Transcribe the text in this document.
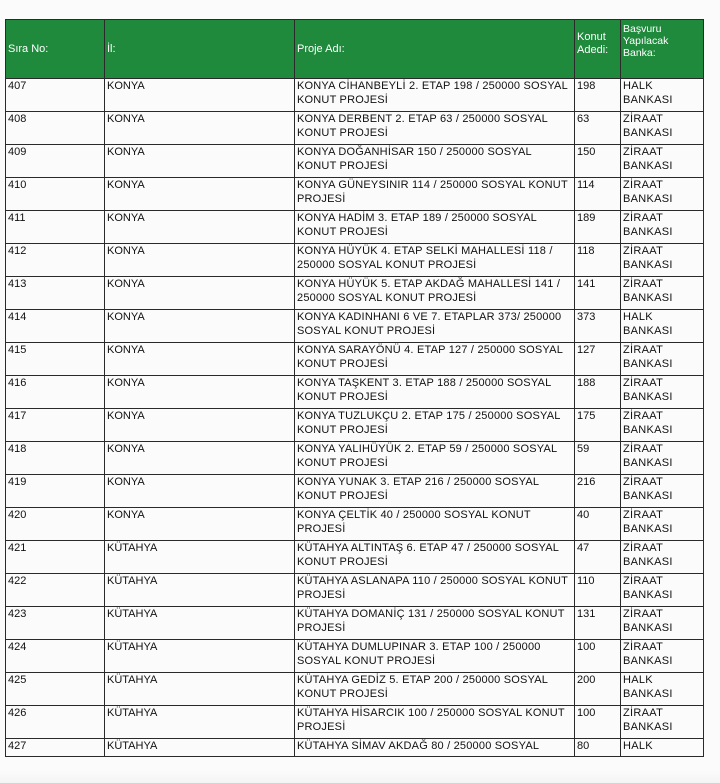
Sıra No:	İl:	Proje Adı:	Konut Adedi:	Başvuru Yapılacak Banka:
407	KONYA	KONYA CİHANBEYLİ 2. ETAP 198 / 250000 SOSYAL KONUT PROJESİ	198	HALK BANKASI
408	KONYA	KONYA DERBENT 2. ETAP 63 / 250000 SOSYAL KONUT PROJESİ	63	ZİRAAT BANKASI
409	KONYA	KONYA DOĞANHİSAR 150 / 250000 SOSYAL KONUT PROJESİ	150	ZİRAAT BANKASI
410	KONYA	KONYA GÜNEYSINIR 114 / 250000 SOSYAL KONUT PROJESİ	114	ZİRAAT BANKASI
411	KONYA	KONYA HADİM 3. ETAP 189 / 250000 SOSYAL KONUT PROJESİ	189	ZİRAAT BANKASI
412	KONYA	KONYA HÜYÜK 4. ETAP SELKİ MAHALLESİ 118 / 250000 SOSYAL KONUT PROJESİ	118	ZİRAAT BANKASI
413	KONYA	KONYA HÜYÜK 5. ETAP AKDAĞ MAHALLESİ 141 / 250000 SOSYAL KONUT PROJESİ	141	ZİRAAT BANKASI
414	KONYA	KONYA KADINHANI 6 VE 7. ETAPLAR 373/ 250000 SOSYAL KONUT PROJESİ	373	HALK BANKASI
415	KONYA	KONYA SARAYÖNÜ 4. ETAP 127 / 250000 SOSYAL KONUT PROJESİ	127	ZİRAAT BANKASI
416	KONYA	KONYA TAŞKENT 3. ETAP 188 / 250000 SOSYAL KONUT PROJESİ	188	ZİRAAT BANKASI
417	KONYA	KONYA TUZLUKÇU 2. ETAP 175 / 250000 SOSYAL KONUT PROJESİ	175	ZİRAAT BANKASI
418	KONYA	KONYA YALIHÜYÜK 2. ETAP 59 / 250000 SOSYAL KONUT PROJESİ	59	ZİRAAT BANKASI
419	KONYA	KONYA YUNAK 3. ETAP 216 / 250000 SOSYAL KONUT PROJESİ	216	ZİRAAT BANKASI
420	KONYA	KONYA ÇELTİK 40 / 250000 SOSYAL KONUT PROJESİ	40	ZİRAAT BANKASI
421	KÜTAHYA	KÜTAHYA ALTINTAŞ 6. ETAP 47 / 250000 SOSYAL KONUT PROJESİ	47	ZİRAAT BANKASI
422	KÜTAHYA	KÜTAHYA ASLANAPA 110 / 250000 SOSYAL KONUT PROJESİ	110	ZİRAAT BANKASI
423	KÜTAHYA	KÜTAHYA DOMANİÇ 131 / 250000 SOSYAL KONUT PROJESİ	131	ZİRAAT BANKASI
424	KÜTAHYA	KÜTAHYA DUMLUPINAR 3. ETAP 100 / 250000 SOSYAL KONUT PROJESİ	100	ZİRAAT BANKASI
425	KÜTAHYA	KÜTAHYA GEDİZ 5. ETAP 200 / 250000 SOSYAL KONUT PROJESİ	200	HALK BANKASI
426	KÜTAHYA	KÜTAHYA HİSARCIK 100 / 250000 SOSYAL KONUT PROJESİ	100	ZİRAAT BANKASI
427	KÜTAHYA	KÜTAHYA SİMAV AKDAĞ 80 / 250000 SOSYAL	80	HALK
